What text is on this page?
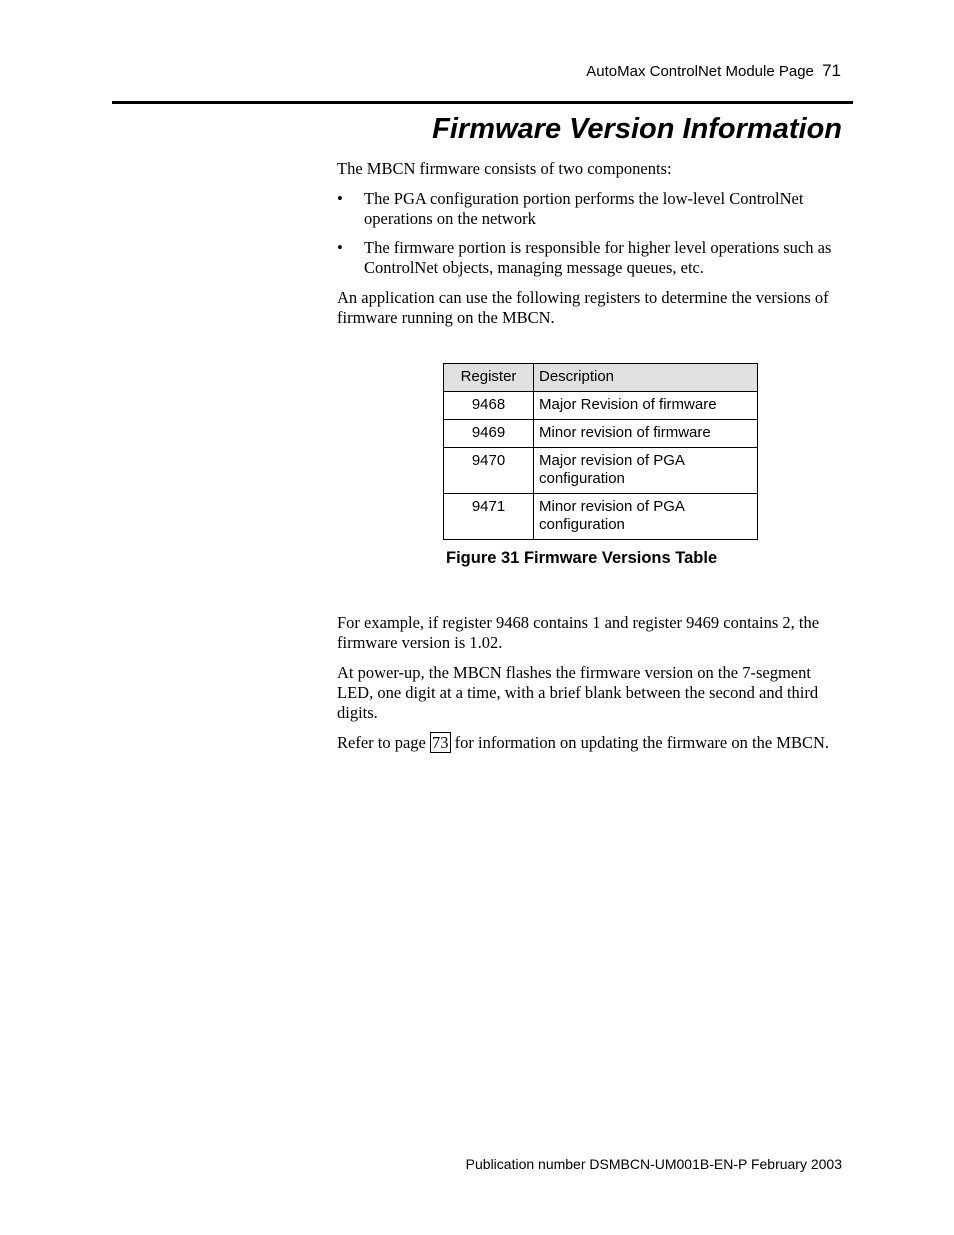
AutoMax ControlNet Module Page 71
Firmware Version Information

The MBCN firmware consists of two components:

• The PGA configuration portion performs the low-level ControlNet operations on the network
• The firmware portion is responsible for higher level operations such as ControlNet objects, managing message queues, etc.

An application can use the following registers to determine the versions of firmware running on the MBCN.

Register	Description
9468	Major Revision of firmware
9469	Minor revision of firmware
9470	Major revision of PGA configuration
9471	Minor revision of PGA configuration
Figure 31 Firmware Versions Table

For example, if register 9468 contains 1 and register 9469 contains 2, the firmware version is 1.02.

At power-up, the MBCN flashes the firmware version on the 7-segment LED, one digit at a time, with a brief blank between the second and third digits.

Refer to page 73 for information on updating the firmware on the MBCN.

Publication number DSMBCN-UM001B-EN-P February 2003
